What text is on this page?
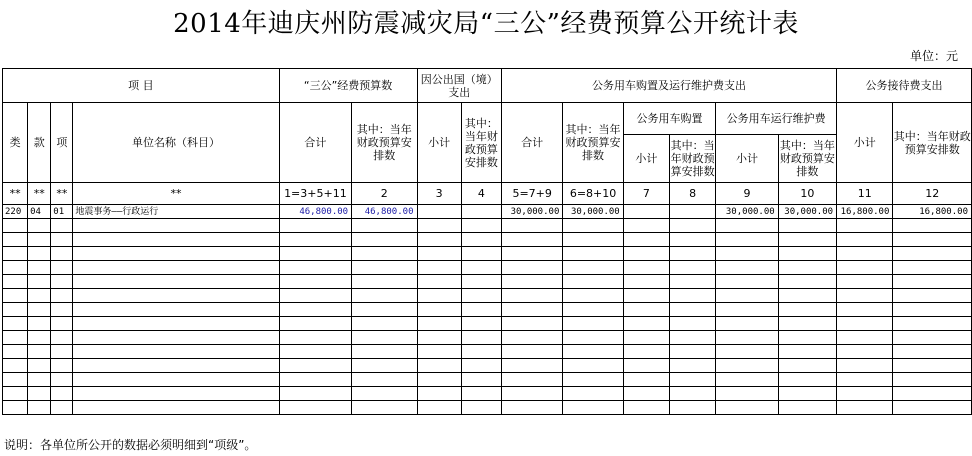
2014年迪庆州防震减灾局“三公”经费预算公开统计表
单位：元
项 目				“三公”经费预算数		因公出国（境）支出		公务用车购置及运行维护费支出						公务接待费支出	
类	款	项	单位名称（科目）	合计	其中：当年财政预算安排数	小计	其中：当年财政预算安排数	合计	其中：当年财政预算安排数	公务用车购置		公务用车运行维护费		小计	其中：当年财政预算安排数
										小计	其中：当年财政预算安排数	小计	其中：当年财政预算安排数		
**	**	**	**	1=3+5+11	2	3	4	5=7+9	6=8+10	7	8	9	10	11	12
220	04	01	地震事务——行政运行	46,800.00	46,800.00			30,000.00	30,000.00			30,000.00	30,000.00	16,800.00	16,800.00

说明：各单位所公开的数据必须明细到“项级”。
